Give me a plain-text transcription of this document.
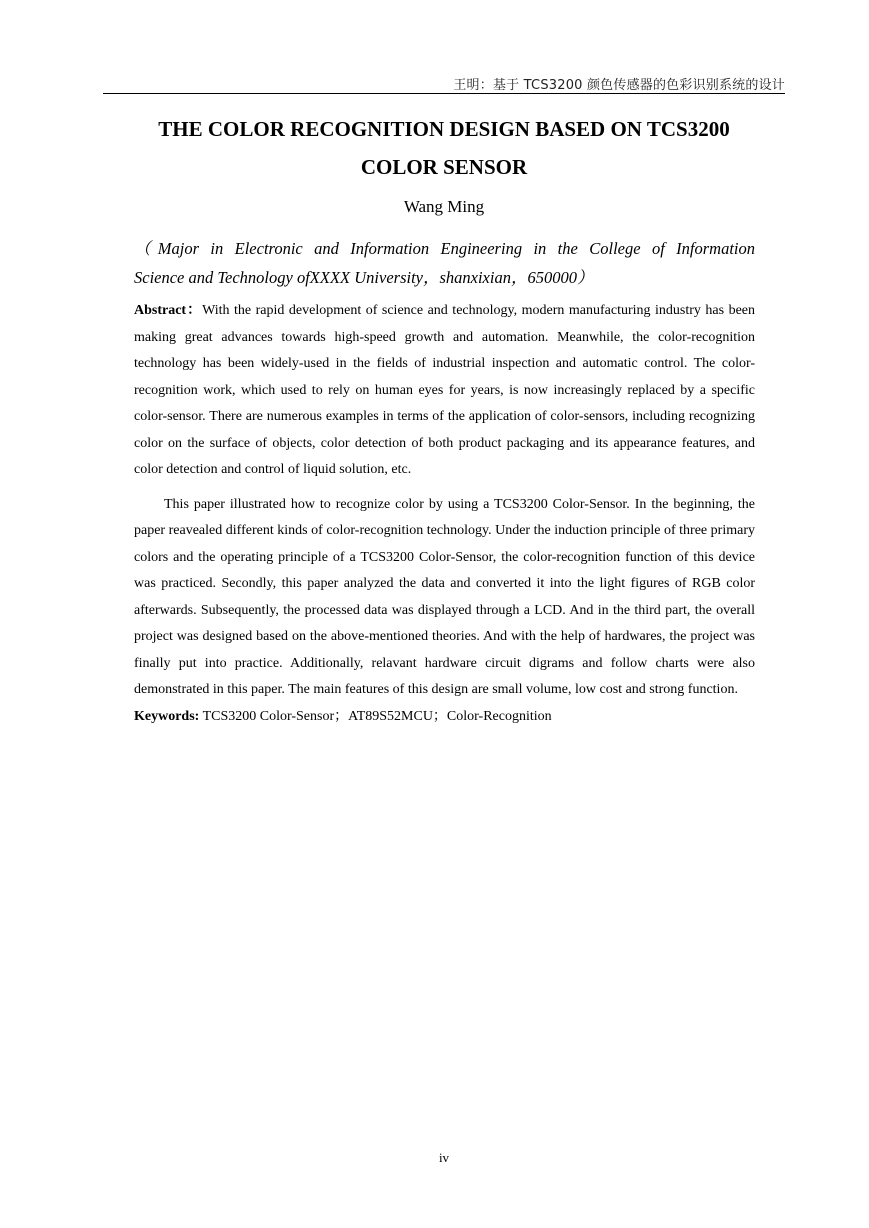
王明：基于 TCS3200 颜色传感器的色彩识别系统的设计
THE COLOR RECOGNITION DESIGN BASED ON TCS3200
COLOR SENSOR
Wang Ming
（Major in Electronic and Information Engineering in the College of Information
Science and Technology ofXXXX University，shanxixian，650000）

Abstract：With the rapid development of science and technology, modern manufacturing industry has been making great advances towards high-speed growth and automation. Meanwhile, the color-recognition technology has been widely-used in the fields of industrial inspection and automatic control. The color-recognition work, which used to rely on human eyes for years, is now increasingly replaced by a specific color-sensor. There are numerous examples in terms of the application of color-sensors, including recognizing color on the surface of objects, color detection of both product packaging and its appearance features, and color detection and control of liquid solution, etc.

This paper illustrated how to recognize color by using a TCS3200 Color-Sensor. In the beginning, the paper reavealed different kinds of color-recognition technology. Under the induction principle of three primary colors and the operating principle of a TCS3200 Color-Sensor, the color-recognition function of this device was practiced. Secondly, this paper analyzed the data and converted it into the light figures of RGB color afterwards. Subsequently, the processed data was displayed through a LCD. And in the third part, the overall project was designed based on the above-mentioned theories. And with the help of hardwares, the project was finally put into practice. Additionally, relavant hardware circuit digrams and follow charts were also demonstrated in this paper. The main features of this design are small volume, low cost and strong function.

Keywords: TCS3200 Color-Sensor；AT89S52MCU；Color-Recognition

iv
